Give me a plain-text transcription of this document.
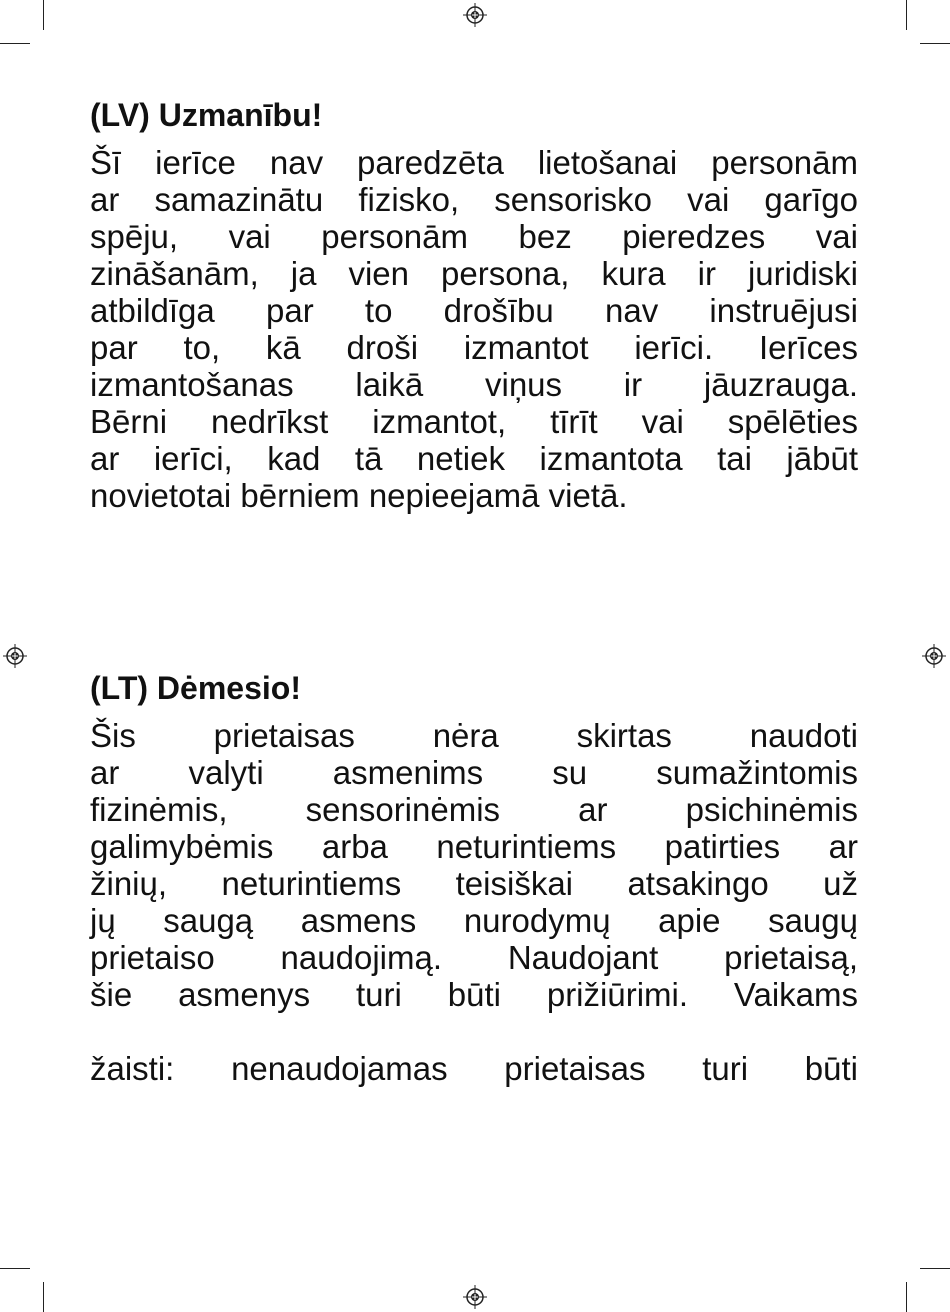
(LV) Uzmanību!
Šī ierīce nav paredzēta lietošanai personām
ar samazinātu fizisko, sensorisko vai garīgo
spēju, vai personām bez pieredzes vai
zināšanām, ja vien persona, kura ir juridiski
atbildīga par to drošību nav instruējusi
par to, kā droši izmantot ierīci. Ierīces
izmantošanas laikā viņus ir jāuzrauga.
Bērni nedrīkst izmantot, tīrīt vai spēlēties
ar ierīci, kad tā netiek izmantota tai jābūt
novietotai bērniem nepieejamā vietā.
(LT) Dėmesio!
Šis prietaisas nėra skirtas naudoti
ar valyti asmenims su sumažintomis
fizinėmis, sensorinėmis ar psichinėmis
galimybėmis arba neturintiems patirties ar
žinių, neturintiems teisiškai atsakingo už
jų saugą asmens nurodymų apie saugų
prietaiso naudojimą. Naudojant prietaisą,
šie asmenys turi būti prižiūrimi. Vaikams
žaisti: nenaudojamas prietaisas turi būti
